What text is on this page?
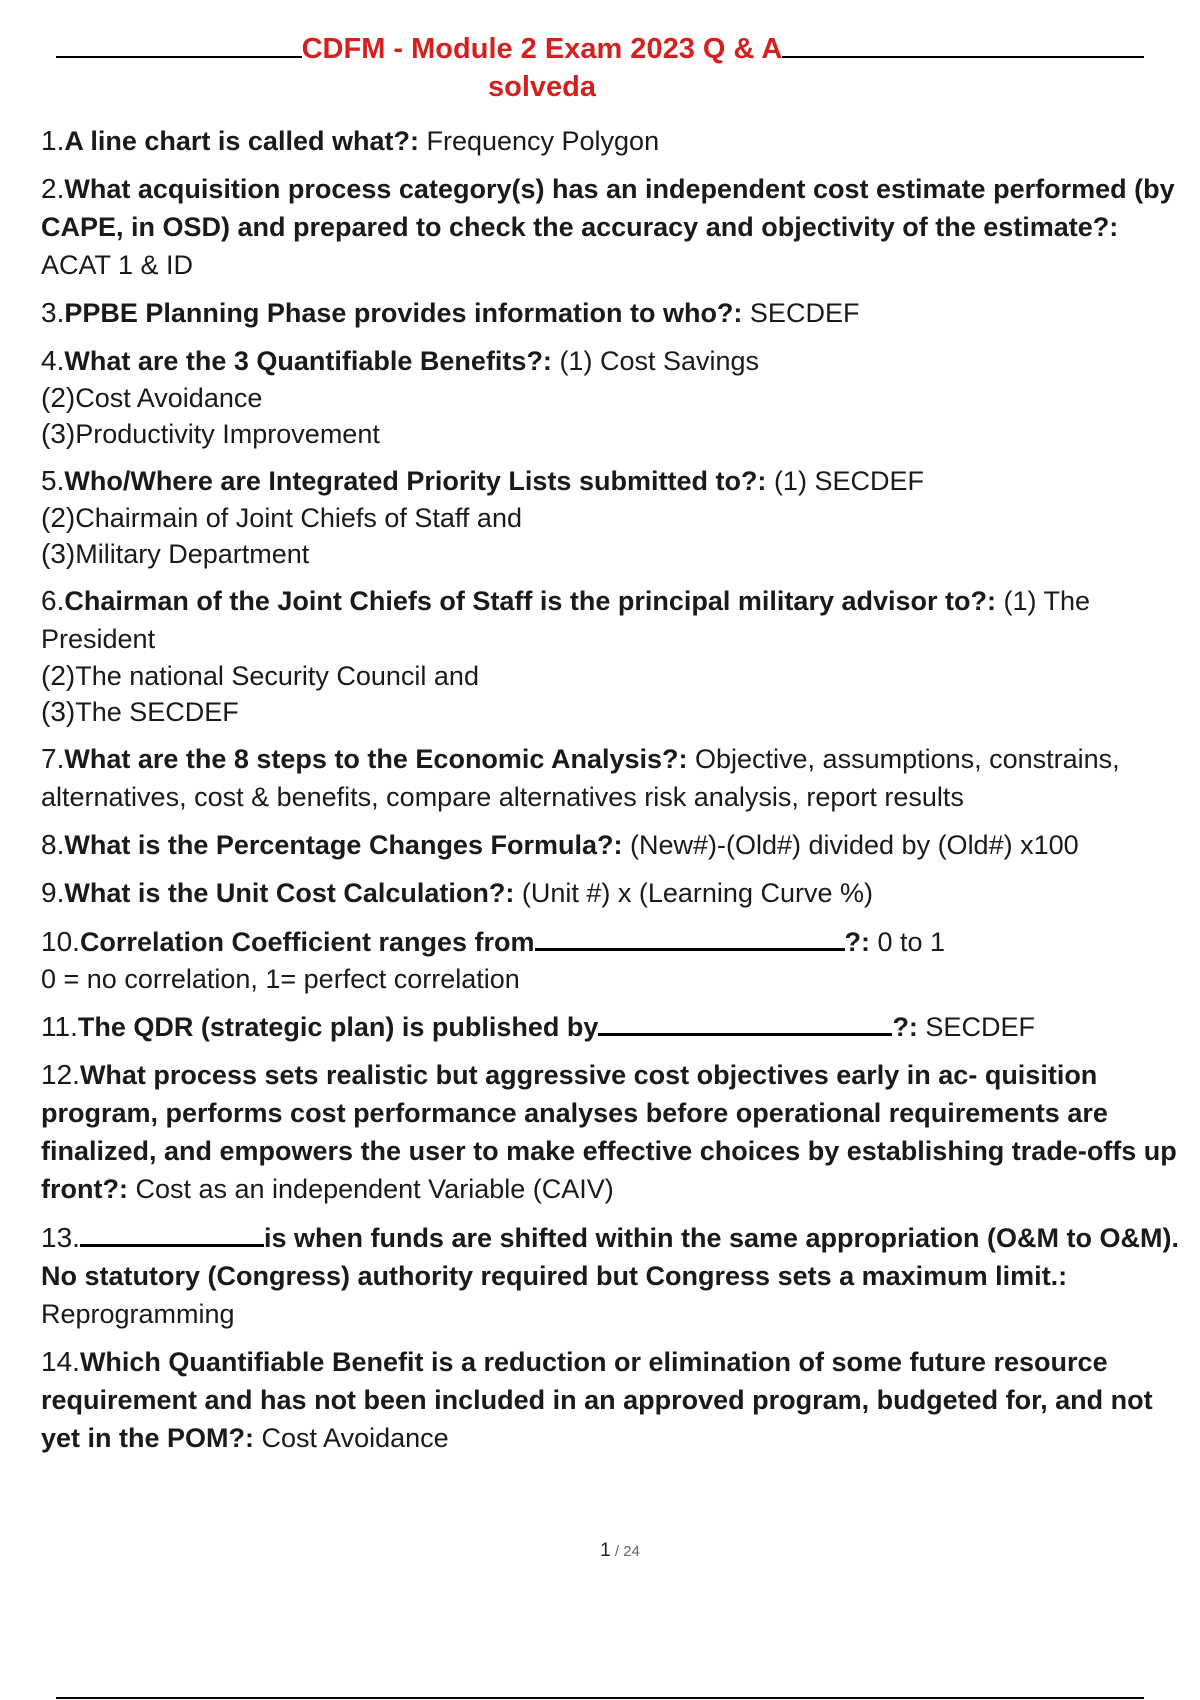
CDFM - Module 2 Exam 2023 Q & A
solveda

1.A line chart is called what?: Frequency Polygon

2.What acquisition process category(s) has an independent cost estimate performed (by CAPE, in OSD) and prepared to check the accuracy and objectivity of the estimate?: ACAT 1 & ID

3.PPBE Planning Phase provides information to who?: SECDEF

4.What are the 3 Quantifiable Benefits?: (1) Cost Savings
(2)Cost Avoidance
(3)Productivity Improvement

5.Who/Where are Integrated Priority Lists submitted to?: (1) SECDEF
(2)Chairmain of Joint Chiefs of Staff and
(3)Military Department

6.Chairman of the Joint Chiefs of Staff is the principal military advisor to?: (1) The President
(2)The national Security Council and
(3)The SECDEF

7.What are the 8 steps to the Economic Analysis?: Objective, assumptions, constrains, alternatives, cost & benefits, compare alternatives risk analysis, report results

8.What is the Percentage Changes Formula?: (New#)-(Old#) divided by (Old#) x100

9.What is the Unit Cost Calculation?: (Unit #) x (Learning Curve %)

10.Correlation Coefficient ranges from	?: 0 to 1
0 = no correlation, 1= perfect correlation

11.The QDR (strategic plan) is published by	?: SECDEF

12.What process sets realistic but aggressive cost objectives early in ac- quisition program, performs cost performance analyses before operational requirements are finalized, and empowers the user to make effective choices by establishing trade-offs up front?: Cost as an independent Variable (CAIV)

13.	is when funds are shifted within the same appropriation (O&M to O&M). No statutory (Congress) authority required but Congress sets a maximum limit.: Reprogramming

14.Which Quantifiable Benefit is a reduction or elimination of some future resource requirement and has not been included in an approved program, budgeted for, and not yet in the POM?: Cost Avoidance

1 / 24
